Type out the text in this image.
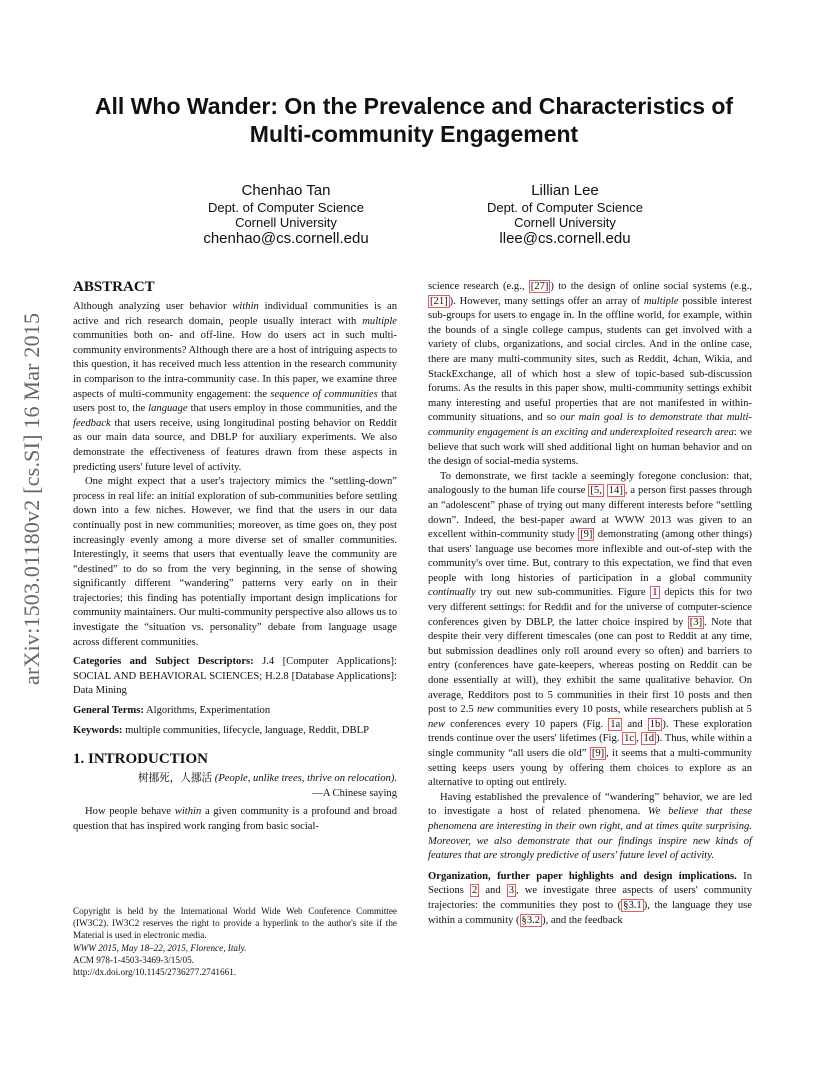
All Who Wander: On the Prevalence and Characteristics of
Multi-community Engagement
Chenhao Tan
Dept. of Computer Science
Cornell University
chenhao@cs.cornell.edu
Lillian Lee
Dept. of Computer Science
Cornell University
llee@cs.cornell.edu
arXiv:1503.01180v2 [cs.SI] 16 Mar 2015
ABSTRACT

Although analyzing user behavior within individual communities is an active and rich research domain, people usually interact with multiple communities both on- and off-line. How do users act in such multi-community environments? Although there are a host of intriguing aspects to this question, it has received much less attention in the research community in comparison to the intra-community case. In this paper, we examine three aspects of multi-community engagement: the sequence of communities that users post to, the language that users employ in those communities, and the feedback that users receive, using longitudinal posting behavior on Reddit as our main data source, and DBLP for auxiliary experiments. We also demonstrate the effectiveness of features drawn from these aspects in predicting users' future level of activity.

One might expect that a user's trajectory mimics the “settling-down” process in real life: an initial exploration of sub-communities before settling down into a few niches. However, we find that the users in our data continually post in new communities; moreover, as time goes on, they post increasingly evenly among a more diverse set of smaller communities. Interestingly, it seems that users that eventually leave the community are “destined” to do so from the very beginning, in the sense of showing significantly different “wandering” patterns very early on in their trajectories; this finding has potentially important design implications for community maintainers. Our multi-community perspective also allows us to investigate the “situation vs. personality” debate from language usage across different communities.

Categories and Subject Descriptors: J.4 [Computer Applications]: SOCIAL AND BEHAVIORAL SCIENCES; H.2.8 [Database Applications]: Data Mining

General Terms: Algorithms, Experimentation

Keywords: multiple communities, lifecycle, language, Reddit, DBLP

1. INTRODUCTION

树挪死，人挪活 (People, unlike trees, thrive on relocation).

—A Chinese saying

How people behave within a given community is a profound and broad question that has inspired work ranging from basic social-

Copyright is held by the International World Wide Web Conference Committee (IW3C2). IW3C2 reserves the right to provide a hyperlink to the author's site if the Material is used in electronic media.

WWW 2015, May 18–22, 2015, Florence, Italy.

ACM 978-1-4503-3469-3/15/05.

http://dx.doi.org/10.1145/2736277.2741661.

science research (e.g., [27] ) to the design of online social systems (e.g., [21] ). However, many settings offer an array of multiple possible interest sub-groups for users to engage in. In the offline world, for example, within the bounds of a single college campus, students can get involved with a variety of clubs, organizations, and social circles. And in the online case, there are many multi-community sites, such as Reddit, 4chan, Wikia, and StackExchange, all of which host a slew of topic-based sub-discussion forums. As the results in this paper show, multi-community settings exhibit many interesting and useful properties that are not manifested in within-community situations, and so our main goal is to demonstrate that multi-community engagement is an exciting and underexploited research area: we believe that such work will shed additional light on human behavior and on the design of social-media systems.

To demonstrate, we first tackle a seemingly foregone conclusion: that, analogously to the human life course [5, 14] , a person first passes through an “adolescent” phase of trying out many different interests before “settling down”. Indeed, the best-paper award at WWW 2013 was given to an excellent within-community study [9] demonstrating (among other things) that users' language use becomes more inflexible and out-of-step with the community's over time. But, contrary to this expectation, we find that even people with long histories of participation in a global community continually try out new sub-communities. Figure 1 depicts this for two very different settings: for Reddit and for the universe of computer-science conferences given by DBLP, the latter choice inspired by [3] . Note that despite their very different timescales (one can post to Reddit at any time, but submission deadlines only roll around every so often) and barriers to entry (conferences have gate-keepers, whereas posting on Reddit can be done essentially at will), they exhibit the same qualitative behavior. On average, Redditors post to 5 communities in their first 10 posts and then post to 2.5 new communities every 10 posts, while researchers publish at 5 new conferences every 10 papers (Fig. 1a and 1b ). These exploration trends continue over the users' lifetimes (Fig. 1c , 1d ). Thus, while within a single community “all users die old” [9] , it seems that a multi-community setting keeps users young by offering them choices to explore as an alternative to opting out entirely.

Having established the prevalence of “wandering” behavior, we are led to investigate a host of related phenomena. We believe that these phenomena are interesting in their own right, and at times quite surprising. Moreover, we also demonstrate that our findings inspire new kinds of features that are strongly predictive of users' future level of activity.

Organization, further paper highlights and design implications. In Sections 2 and 3 , we investigate three aspects of users' community trajectories: the communities they post to ( §3.1 ), the language they use within a community ( §3.2 ), and the feedback
